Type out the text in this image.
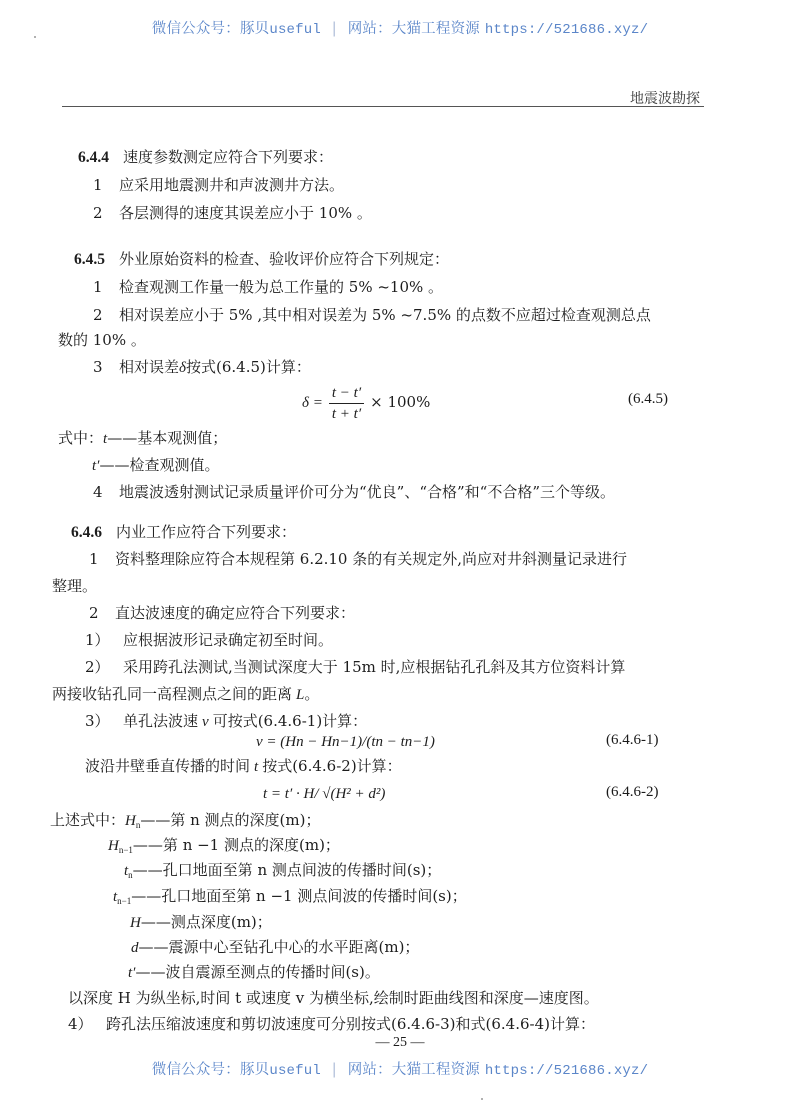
微信公众号：豚贝useful | 网站：大猫工程资源 https://521686.xyz/
地震波勘探
6.4.4 速度参数测定应符合下列要求：
1 应采用地震测井和声波测井方法。
2 各层测得的速度其误差应小于 10% 。
6.4.5 外业原始资料的检查、验收评价应符合下列规定：
1 检查观测工作量一般为总工作量的 5% ~10% 。
2 相对误差应小于 5% ,其中相对误差为 5% ~7.5% 的点数不应超过检查观测总点
数的 10% 。
3 相对误差δ按式(6.4.5)计算：
$\delta = \frac{t - t'}{t + t'} \times 100\%$	(6.4.5)
式中：t——基本观测值；
t′——检查观测值。
4 地震波透射测试记录质量评价可分为“优良”、“合格”和“不合格”三个等级。
6.4.6 内业工作应符合下列要求：
1 资料整理除应符合本规程第 6.2.10 条的有关规定外,尚应对井斜测量记录进行
整理。
2 直达波速度的确定应符合下列要求：
1） 应根据波形记录确定初至时间。
2） 采用跨孔法测试,当测试深度大于 15m 时,应根据钻孔孔斜及其方位资料计算
两接收钻孔同一高程测点之间的距离 L。
3） 单孔法波速 v 可按式(6.4.6-1)计算：
v = (Hn − Hn−1)/(tn − tn−1)	(6.4.6-1)
波沿井壁垂直传播的时间 t 按式(6.4.6-2)计算：
t = t′ · H/ √(H² + d²)	(6.4.6-2)
上述式中：$H_n——$第 n 测点的深度(m)；
$H_{n-1}——$第 n −1 测点的深度(m)；
$t_n——$孔口地面至第 n 测点间波的传播时间(s)；
$t_{n-1}——$孔口地面至第 n −1 测点间波的传播时间(s)；
H——测点深度(m)；
d——震源中心至钻孔中心的水平距离(m)；
t′——波自震源至测点的传播时间(s)。
以深度 H 为纵坐标,时间 t 或速度 v 为横坐标,绘制时距曲线图和深度—速度图。
4） 跨孔法压缩波速度和剪切波速度可分别按式(6.4.6-3)和式(6.4.6-4)计算：
— 25 —
微信公众号：豚贝useful | 网站：大猫工程资源 https://521686.xyz/
